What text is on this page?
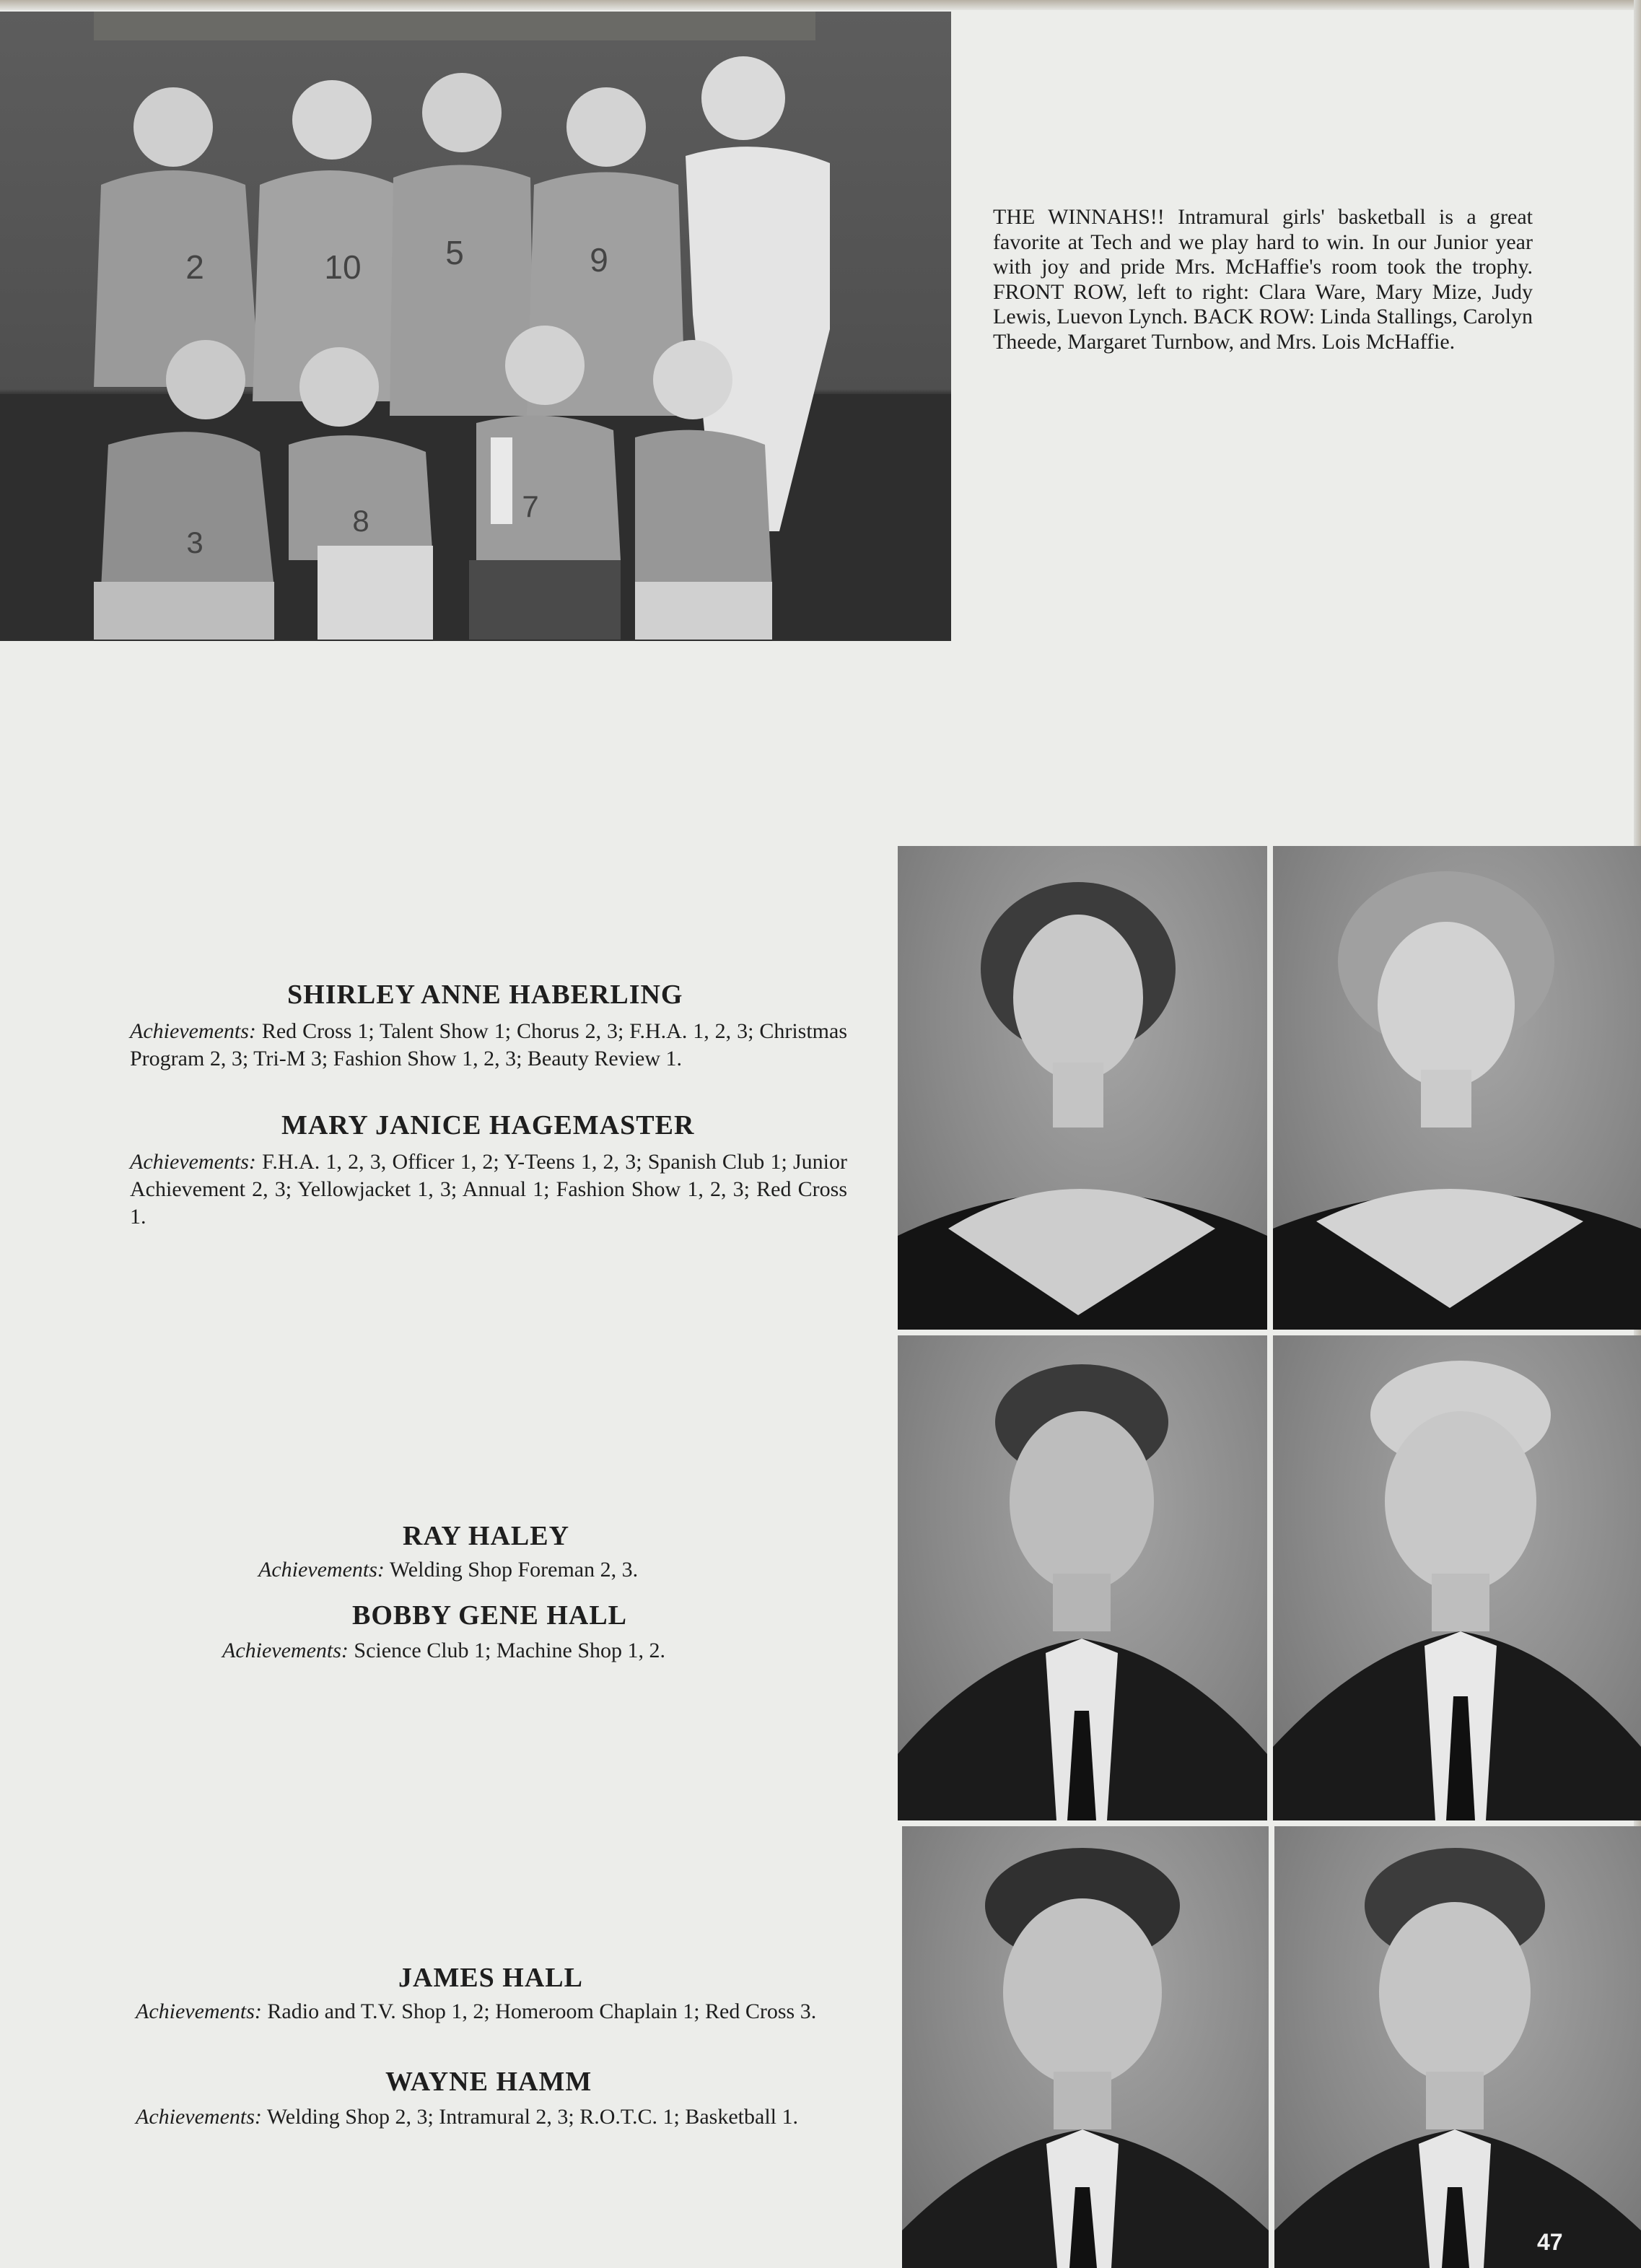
2	10	5	9
3
8	7

THE WINNAHS!! Intramural girls' basketball is a great favorite at Tech and we play hard to win. In our Junior year with joy and pride Mrs. McHaffie's room took the trophy. FRONT ROW, left to right: Clara Ware, Mary Mize, Judy Lewis, Luevon Lynch. BACK ROW: Linda Stallings, Carolyn Theede, Margaret Turnbow, and Mrs. Lois McHaffie.

SHIRLEY ANNE HABERLING

Achievements: Red Cross 1; Talent Show 1; Chorus 2, 3; F.H.A. 1, 2, 3; Christmas Program 2, 3; Tri-M 3; Fashion Show 1, 2, 3; Beauty Review 1.

MARY JANICE HAGEMASTER

Achievements: F.H.A. 1, 2, 3, Officer 1, 2; Y-Teens 1, 2, 3; Spanish Club 1; Junior Achievement 2, 3; Yellowjacket 1, 3; Annual 1; Fashion Show 1, 2, 3; Red Cross 1.

RAY HALEY

Achievements: Welding Shop Foreman 2, 3.

BOBBY GENE HALL

Achievements: Science Club 1; Machine Shop 1, 2.

JAMES HALL

Achievements: Radio and T.V. Shop 1, 2; Homeroom Chaplain 1; Red Cross 3.

WAYNE HAMM

Achievements: Welding Shop 2, 3; Intramural 2, 3; R.O.T.C. 1; Basketball 1.

47
